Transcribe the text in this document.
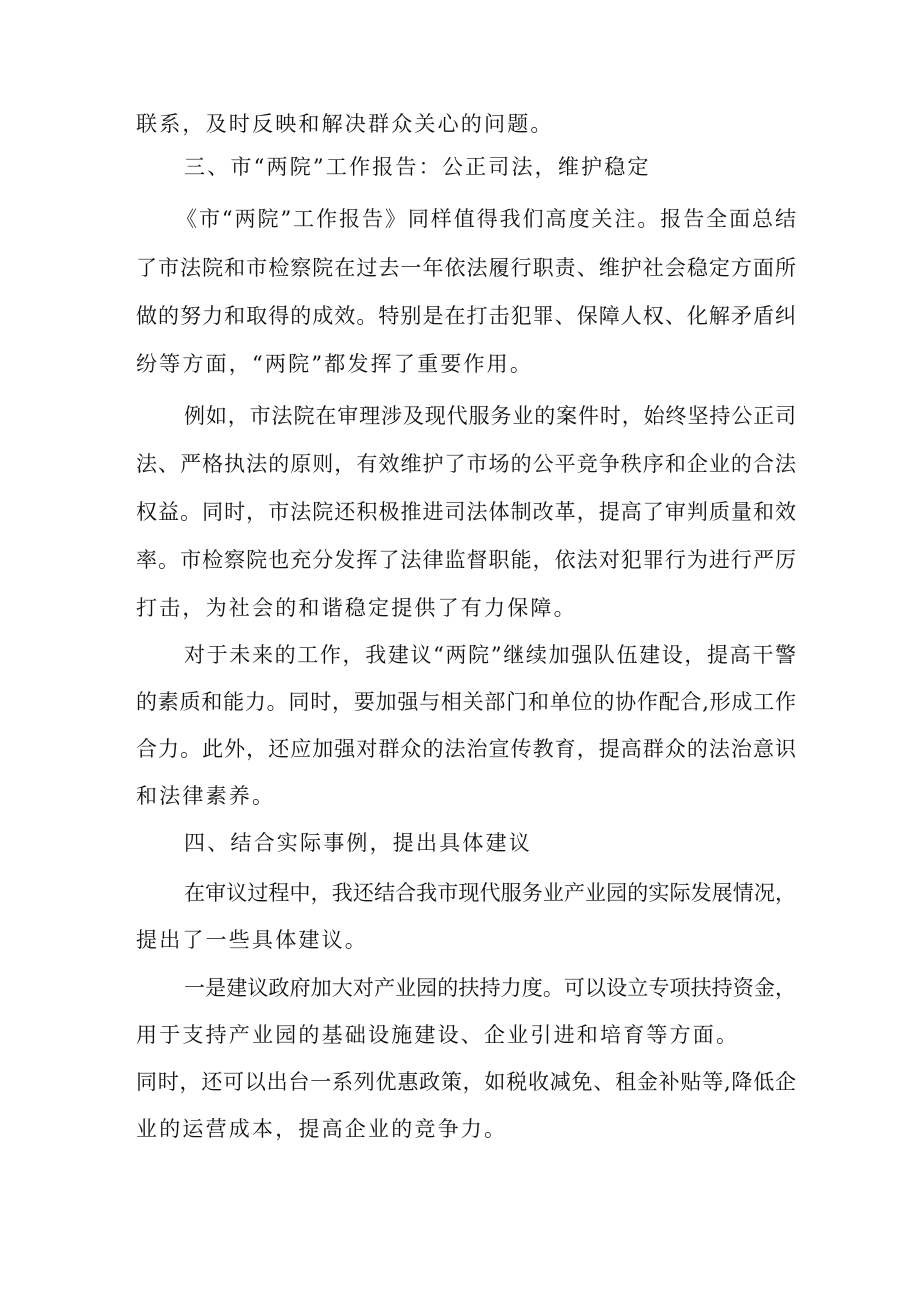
联系，及时反映和解决群众关心的问题。
三、市“两院”工作报告：公正司法，维护稳定
《市“两院”工作报告》同样值得我们高度关注。报告全面总结
了市法院和市检察院在过去一年依法履行职责、维护社会稳定方面所
做的努力和取得的成效。特别是在打击犯罪、保障人权、化解矛盾纠
纷等方面，“两院”都发挥了重要作用。
例如，市法院在审理涉及现代服务业的案件时，始终坚持公正司
法、严格执法的原则，有效维护了市场的公平竞争秩序和企业的合法
权益。同时，市法院还积极推进司法体制改革，提高了审判质量和效
率。市检察院也充分发挥了法律监督职能，依法对犯罪行为进行严厉
打击，为社会的和谐稳定提供了有力保障。
对于未来的工作，我建议“两院”继续加强队伍建设，提高干警
的素质和能力。同时，要加强与相关部门和单位的协作配合,形成工作
合力。此外，还应加强对群众的法治宣传教育，提高群众的法治意识
和法律素养。
四、结合实际事例，提出具体建议
在审议过程中，我还结合我市现代服务业产业园的实际发展情况，
提出了一些具体建议。
一是建议政府加大对产业园的扶持力度。可以设立专项扶持资金，
用于支持产业园的基础设施建设、企业引进和培育等方面。
同时，还可以出台一系列优惠政策，如税收减免、租金补贴等,降低企
业的运营成本，提高企业的竞争力。
